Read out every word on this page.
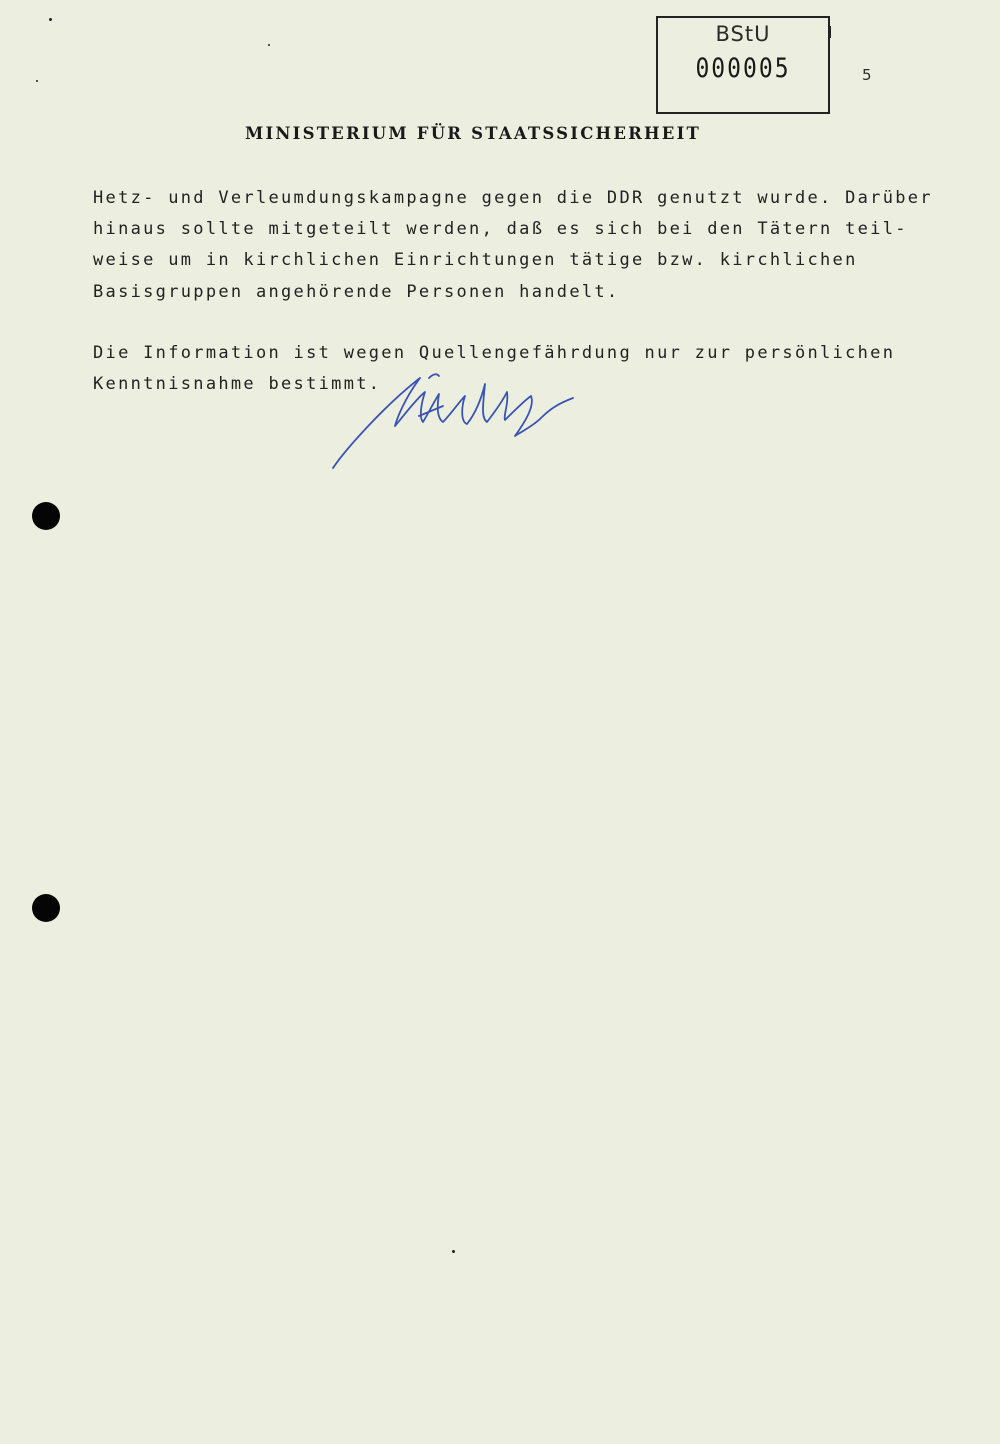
BStU
000005	5
MINISTERIUM FÜR STAATSSICHERHEIT
Hetz- und Verleumdungskampagne gegen die DDR genutzt wurde. Darüber
hinaus sollte mitgeteilt werden, daß es sich bei den Tätern teil-
weise um in kirchlichen Einrichtungen tätige bzw. kirchlichen
Basisgruppen angehörende Personen handelt.
Die Information ist wegen Quellengefährdung nur zur persönlichen
Kenntnisnahme bestimmt.
